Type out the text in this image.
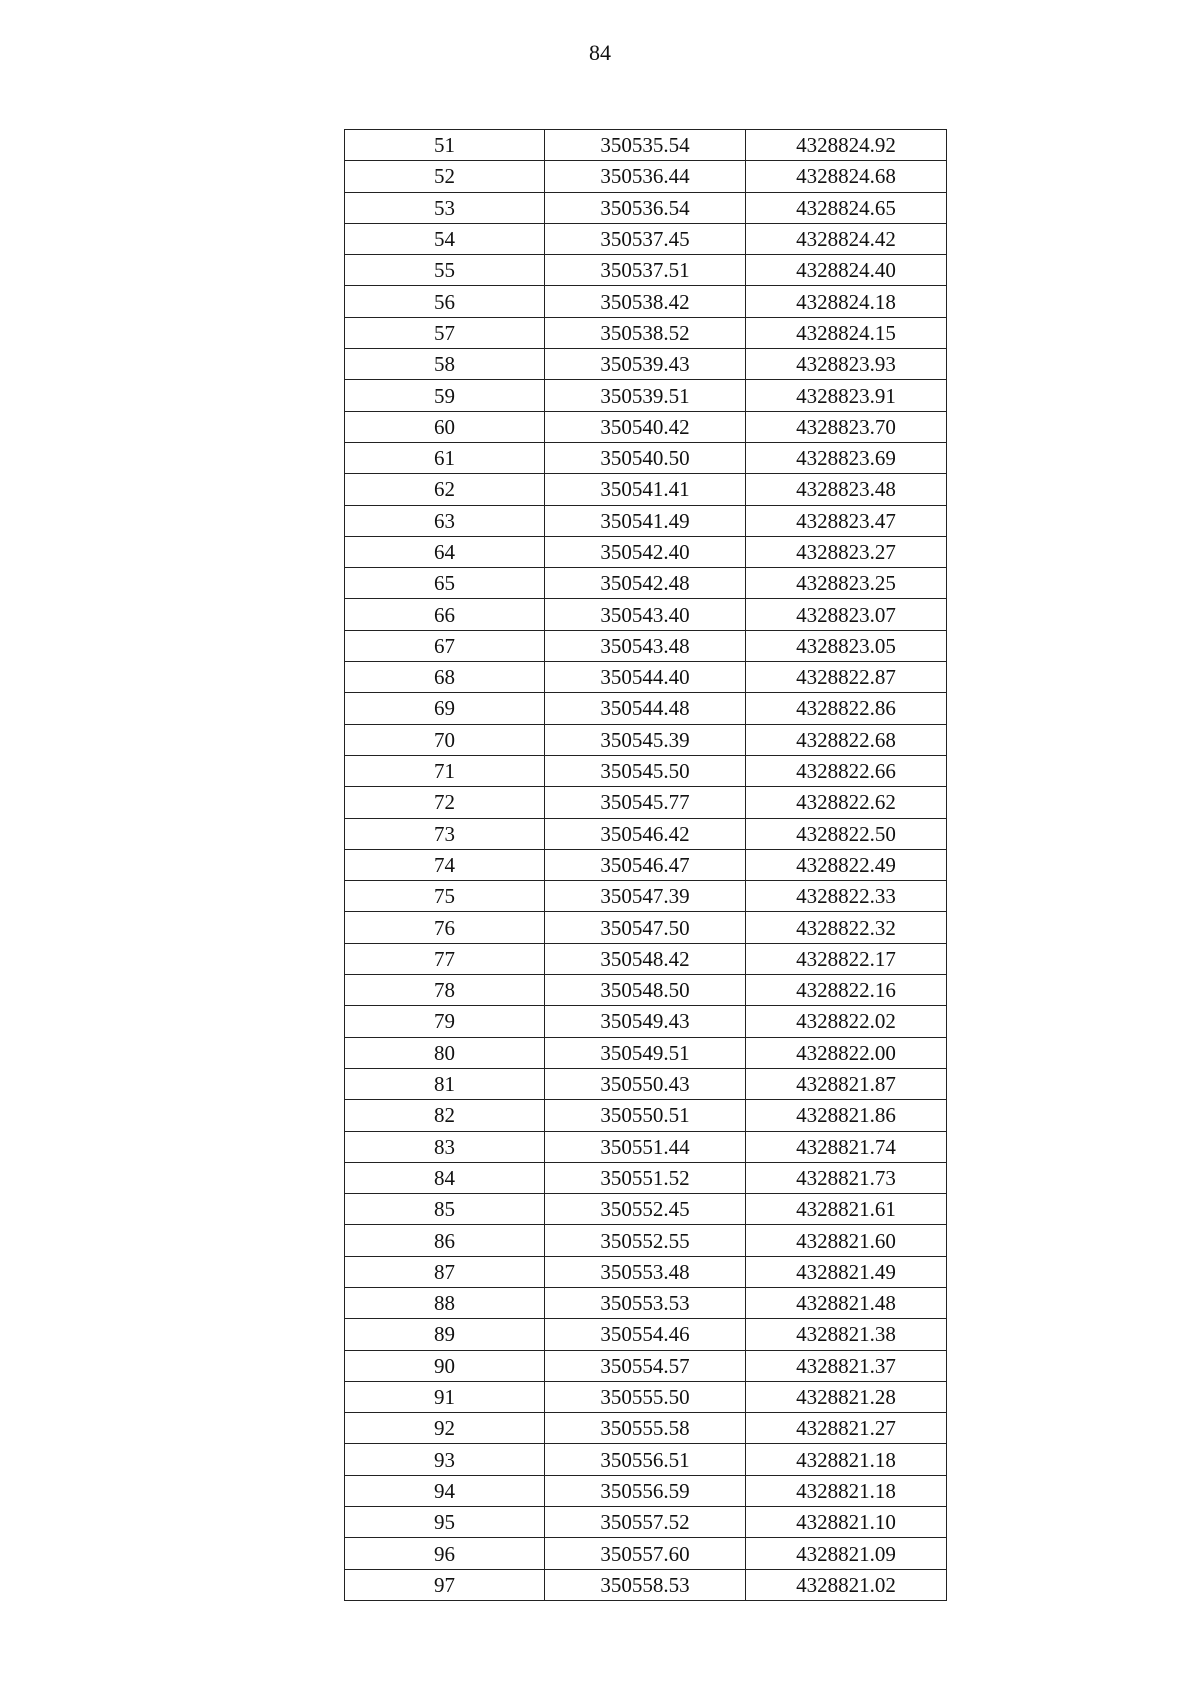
84
51	350535.54	4328824.92
52	350536.44	4328824.68
53	350536.54	4328824.65
54	350537.45	4328824.42
55	350537.51	4328824.40
56	350538.42	4328824.18
57	350538.52	4328824.15
58	350539.43	4328823.93
59	350539.51	4328823.91
60	350540.42	4328823.70
61	350540.50	4328823.69
62	350541.41	4328823.48
63	350541.49	4328823.47
64	350542.40	4328823.27
65	350542.48	4328823.25
66	350543.40	4328823.07
67	350543.48	4328823.05
68	350544.40	4328822.87
69	350544.48	4328822.86
70	350545.39	4328822.68
71	350545.50	4328822.66
72	350545.77	4328822.62
73	350546.42	4328822.50
74	350546.47	4328822.49
75	350547.39	4328822.33
76	350547.50	4328822.32
77	350548.42	4328822.17
78	350548.50	4328822.16
79	350549.43	4328822.02
80	350549.51	4328822.00
81	350550.43	4328821.87
82	350550.51	4328821.86
83	350551.44	4328821.74
84	350551.52	4328821.73
85	350552.45	4328821.61
86	350552.55	4328821.60
87	350553.48	4328821.49
88	350553.53	4328821.48
89	350554.46	4328821.38
90	350554.57	4328821.37
91	350555.50	4328821.28
92	350555.58	4328821.27
93	350556.51	4328821.18
94	350556.59	4328821.18
95	350557.52	4328821.10
96	350557.60	4328821.09
97	350558.53	4328821.02
